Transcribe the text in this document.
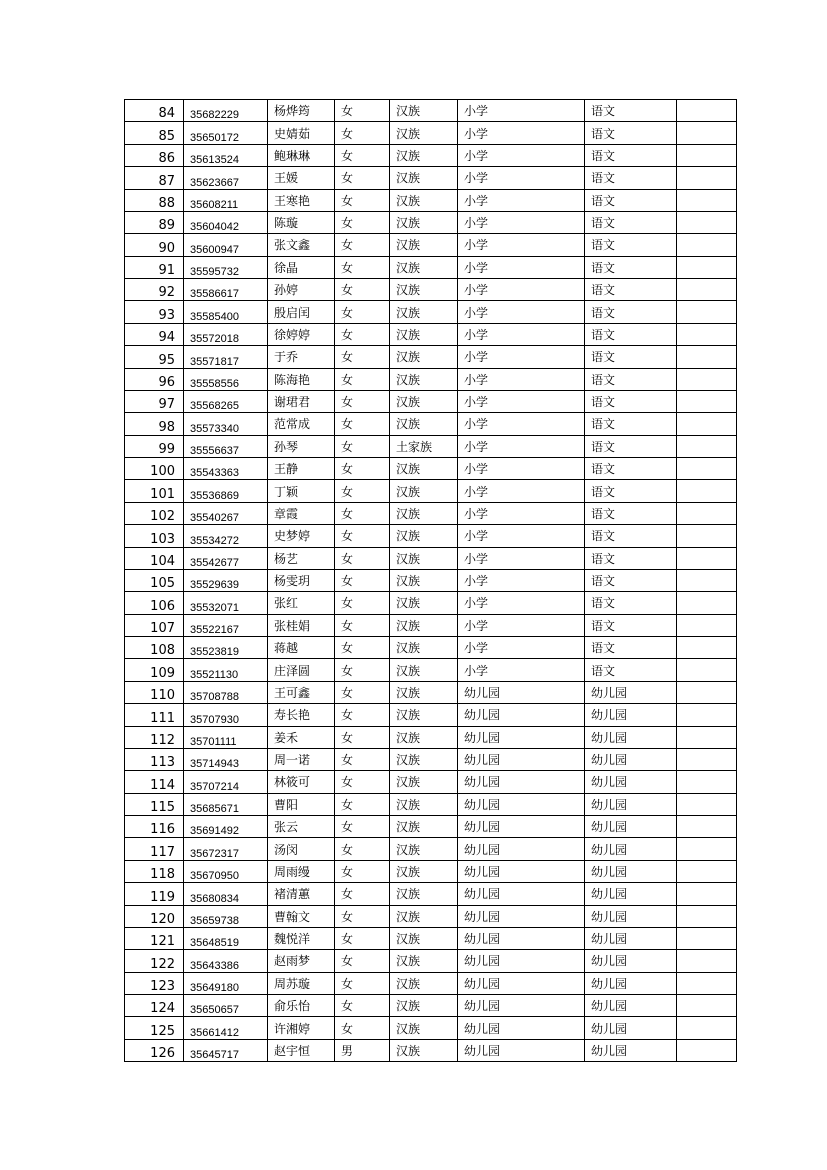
84	35682229	杨烨筠	女	汉族	小学	语文	
85	35650172	史婧茹	女	汉族	小学	语文	
86	35613524	鲍琳琳	女	汉族	小学	语文	
87	35623667	王媛	女	汉族	小学	语文	
88	35608211	王寒艳	女	汉族	小学	语文	
89	35604042	陈璇	女	汉族	小学	语文	
90	35600947	张文鑫	女	汉族	小学	语文	
91	35595732	徐晶	女	汉族	小学	语文	
92	35586617	孙婷	女	汉族	小学	语文	
93	35585400	殷启闰	女	汉族	小学	语文	
94	35572018	徐婷婷	女	汉族	小学	语文	
95	35571817	于乔	女	汉族	小学	语文	
96	35558556	陈海艳	女	汉族	小学	语文	
97	35568265	谢珺君	女	汉族	小学	语文	
98	35573340	范常成	女	汉族	小学	语文	
99	35556637	孙琴	女	土家族	小学	语文	
100	35543363	王静	女	汉族	小学	语文	
101	35536869	丁颖	女	汉族	小学	语文	
102	35540267	章霞	女	汉族	小学	语文	
103	35534272	史梦婷	女	汉族	小学	语文	
104	35542677	杨艺	女	汉族	小学	语文	
105	35529639	杨雯玥	女	汉族	小学	语文	
106	35532071	张红	女	汉族	小学	语文	
107	35522167	张桂娟	女	汉族	小学	语文	
108	35523819	蒋越	女	汉族	小学	语文	
109	35521130	庄泽圆	女	汉族	小学	语文	
110	35708788	王可鑫	女	汉族	幼儿园	幼儿园	
111	35707930	寿长艳	女	汉族	幼儿园	幼儿园	
112	35701111	姜禾	女	汉族	幼儿园	幼儿园	
113	35714943	周一诺	女	汉族	幼儿园	幼儿园	
114	35707214	林筱可	女	汉族	幼儿园	幼儿园	
115	35685671	曹阳	女	汉族	幼儿园	幼儿园	
116	35691492	张云	女	汉族	幼儿园	幼儿园	
117	35672317	汤闵	女	汉族	幼儿园	幼儿园	
118	35670950	周雨缦	女	汉族	幼儿园	幼儿园	
119	35680834	褚清蕙	女	汉族	幼儿园	幼儿园	
120	35659738	曹翰文	女	汉族	幼儿园	幼儿园	
121	35648519	魏悦洋	女	汉族	幼儿园	幼儿园	
122	35643386	赵雨梦	女	汉族	幼儿园	幼儿园	
123	35649180	周苏璇	女	汉族	幼儿园	幼儿园	
124	35650657	俞乐怡	女	汉族	幼儿园	幼儿园	
125	35661412	许湘婷	女	汉族	幼儿园	幼儿园	
126	35645717	赵宇恒	男	汉族	幼儿园	幼儿园	
